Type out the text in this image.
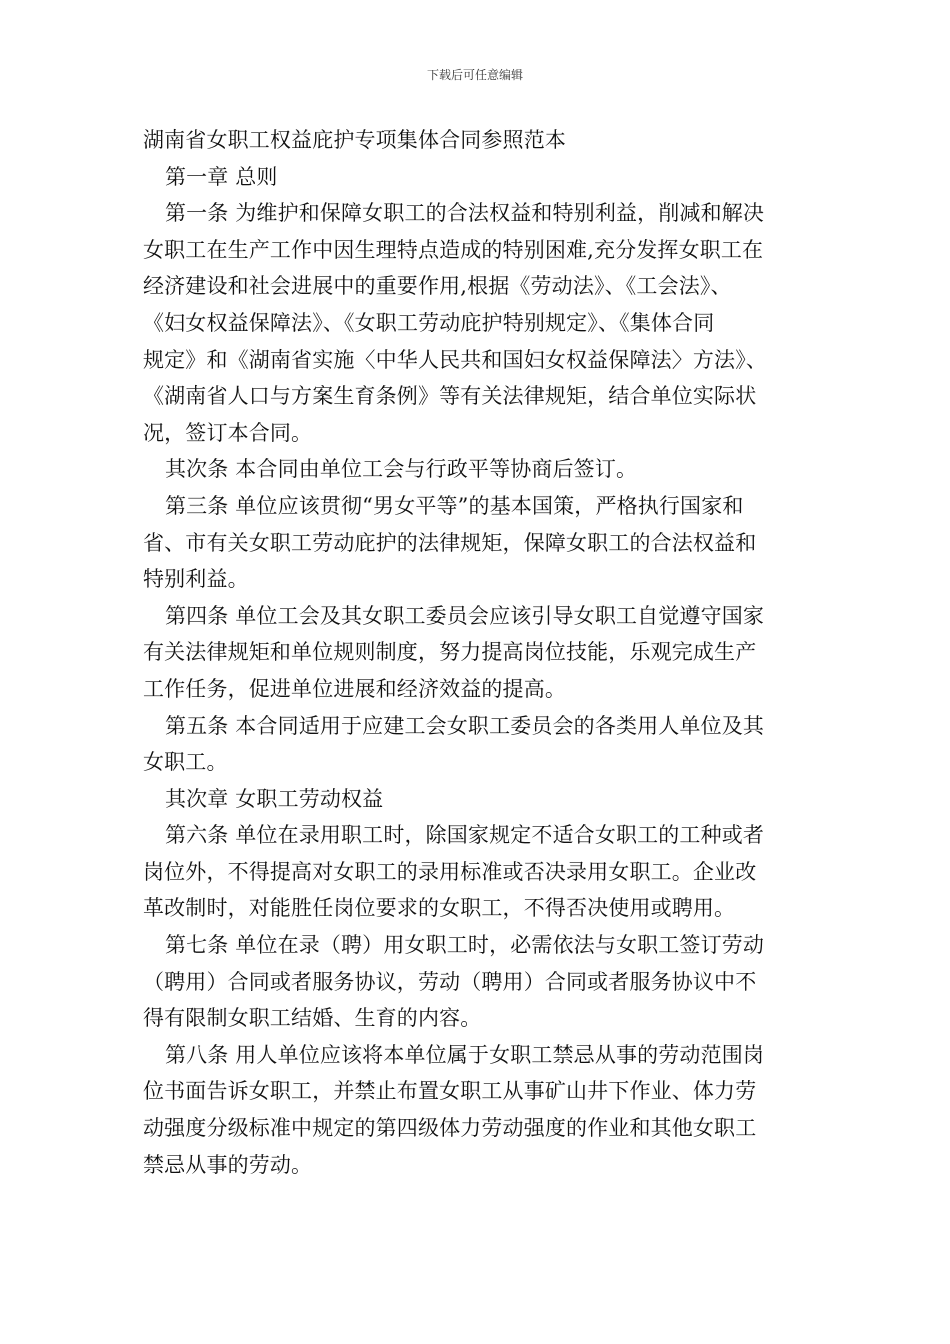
下载后可任意编辑
湖南省女职工权益庇护专项集体合同参照范本
第一章 总则
第一条 为维护和保障女职工的合法权益和特别利益，削减和解决
女职工在生产工作中因生理特点造成的特别困难,充分发挥女职工在
经济建设和社会进展中的重要作用,根据《劳动法》、《工会法》、
《妇女权益保障法》、《女职工劳动庇护特别规定》、《集体合同
规定》和《湖南省实施〈中华人民共和国妇女权益保障法〉方法》、
《湖南省人口与方案生育条例》等有关法律规矩，结合单位实际状
况，签订本合同。
其次条 本合同由单位工会与行政平等协商后签订。
第三条 单位应该贯彻“男女平等”的基本国策，严格执行国家和
省、市有关女职工劳动庇护的法律规矩，保障女职工的合法权益和
特别利益。
第四条 单位工会及其女职工委员会应该引导女职工自觉遵守国家
有关法律规矩和单位规则制度，努力提高岗位技能，乐观完成生产
工作任务，促进单位进展和经济效益的提高。
第五条 本合同适用于应建工会女职工委员会的各类用人单位及其
女职工。
其次章 女职工劳动权益
第六条 单位在录用职工时，除国家规定不适合女职工的工种或者
岗位外，不得提高对女职工的录用标准或否决录用女职工。企业改
革改制时，对能胜任岗位要求的女职工，不得否决使用或聘用。
第七条 单位在录（聘）用女职工时，必需依法与女职工签订劳动
（聘用）合同或者服务协议，劳动（聘用）合同或者服务协议中不
得有限制女职工结婚、生育的内容。
第八条 用人单位应该将本单位属于女职工禁忌从事的劳动范围岗
位书面告诉女职工，并禁止布置女职工从事矿山井下作业、体力劳
动强度分级标准中规定的第四级体力劳动强度的作业和其他女职工
禁忌从事的劳动。
